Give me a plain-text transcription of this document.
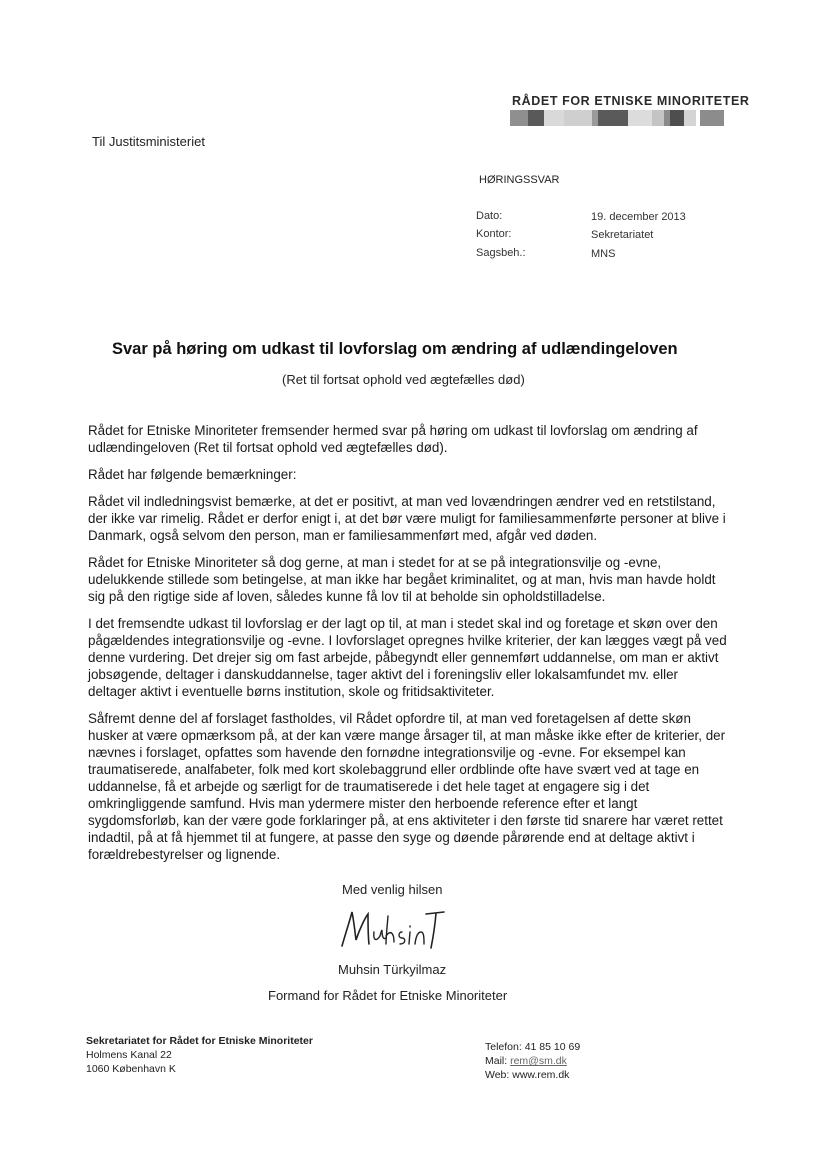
RÅDET FOR ETNISKE MINORITETER
Til Justitsministeriet
HØRINGSSVAR
Dato:	19. december 2013
Kontor:	Sekretariatet
Sagsbeh.:	MNS
Svar på høring om udkast til lovforslag om ændring af udlændingeloven
(Ret til fortsat ophold ved ægtefælles død)

Rådet for Etniske Minoriteter fremsender hermed svar på høring om udkast til lovforslag om ændring af udlændingeloven (Ret til fortsat ophold ved ægtefælles død).

Rådet har følgende bemærkninger:

Rådet vil indledningsvist bemærke, at det er positivt, at man ved lovændringen ændrer ved en retstilstand, der ikke var rimelig. Rådet er derfor enigt i, at det bør være muligt for familiesammenførte personer at blive i Danmark, også selvom den person, man er familiesammenført med, afgår ved døden.

Rådet for Etniske Minoriteter så dog gerne, at man i stedet for at se på integrationsvilje og -evne, udelukkende stillede som betingelse, at man ikke har begået kriminalitet, og at man, hvis man havde holdt sig på den rigtige side af loven, således kunne få lov til at beholde sin opholdstilladelse.

I det fremsendte udkast til lovforslag er der lagt op til, at man i stedet skal ind og foretage et skøn over den pågældendes integrationsvilje og -evne. I lovforslaget opregnes hvilke kriterier, der kan lægges vægt på ved denne vurdering. Det drejer sig om fast arbejde, påbegyndt eller gennemført uddannelse, om man er aktivt jobsøgende, deltager i danskuddannelse, tager aktivt del i foreningsliv eller lokalsamfundet mv. eller deltager aktivt i eventuelle børns institution, skole og fritidsaktiviteter.

Såfremt denne del af forslaget fastholdes, vil Rådet opfordre til, at man ved foretagelsen af dette skøn husker at være opmærksom på, at der kan være mange årsager til, at man måske ikke efter de kriterier, der nævnes i forslaget, opfattes som havende den fornødne integrationsvilje og -evne. For eksempel kan traumatiserede, analfabeter, folk med kort skolebaggrund eller ordblinde ofte have svært ved at tage en uddannelse, få et arbejde og særligt for de traumatiserede i det hele taget at engagere sig i det omkringliggende samfund. Hvis man ydermere mister den herboende reference efter et langt sygdomsforløb, kan der være gode forklaringer på, at ens aktiviteter i den første tid snarere har været rettet indadtil, på at få hjemmet til at fungere, at passe den syge og døende pårørende end at deltage aktivt i forældrebestyrelser og lignende.

Med venlig hilsen
Muhsin Türkyilmaz
Formand for Rådet for Etniske Minoriteter
Sekretariatet for Rådet for Etniske Minoriteter
Holmens Kanal 22
1060 København K
Telefon: 41 85 10 69
Mail: rem@sm.dk
Web: www.rem.dk
